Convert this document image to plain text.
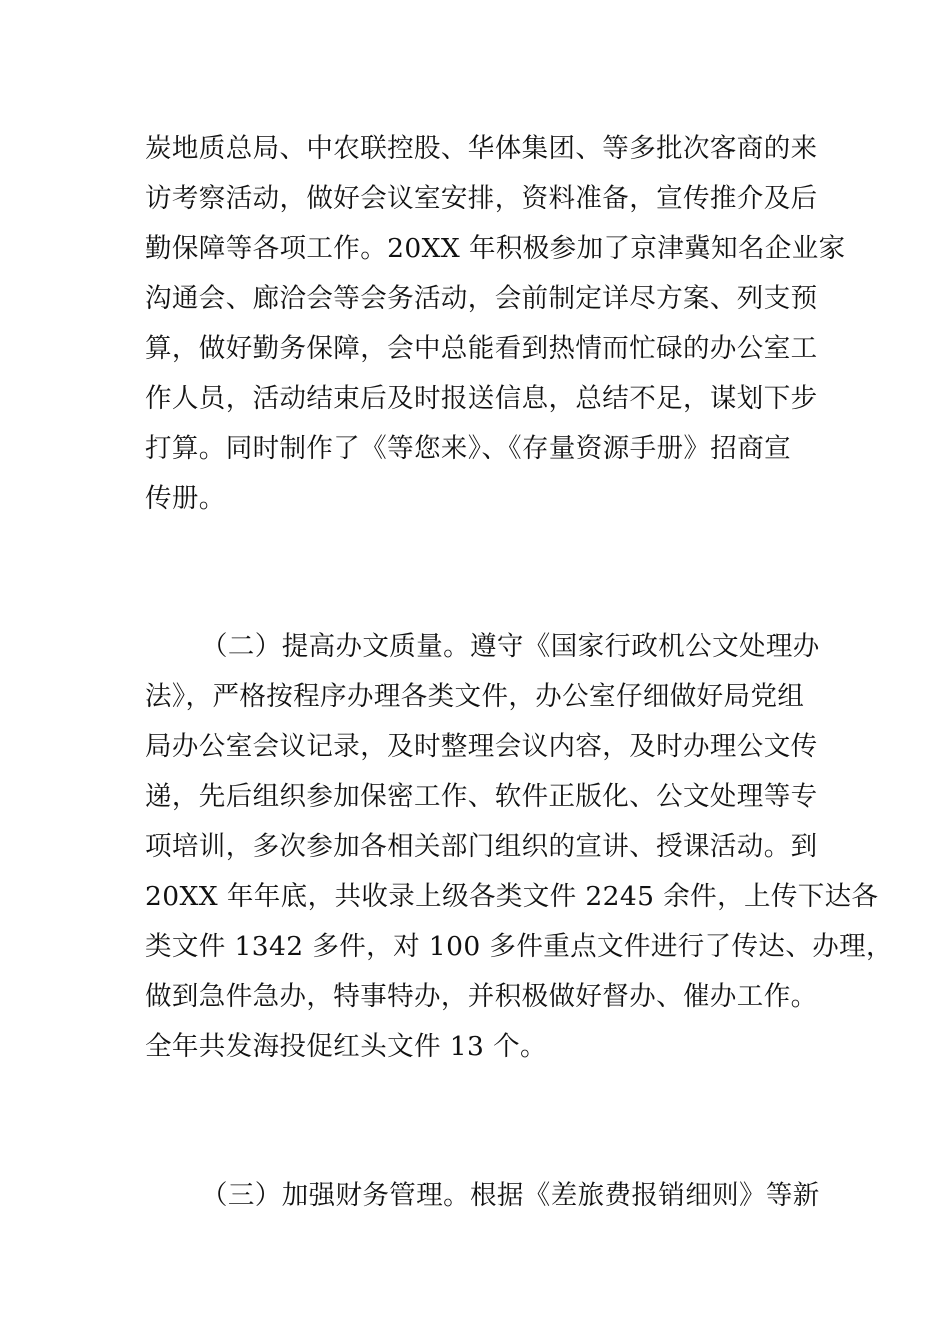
炭地质总局、中农联控股、华体集团、等多批次客商的来
访考察活动，做好会议室安排，资料准备，宣传推介及后
勤保障等各项工作。20XX 年积极参加了京津冀知名企业家
沟通会、廊洽会等会务活动，会前制定详尽方案、列支预
算，做好勤务保障，会中总能看到热情而忙碌的办公室工
作人员，活动结束后及时报送信息，总结不足，谋划下步
打算。同时制作了《等您来》、《存量资源手册》招商宣
传册。
（二）提高办文质量。遵守《国家行政机公文处理办
法》，严格按程序办理各类文件，办公室仔细做好局党组
局办公室会议记录，及时整理会议内容，及时办理公文传
递，先后组织参加保密工作、软件正版化、公文处理等专
项培训，多次参加各相关部门组织的宣讲、授课活动。到
20XX 年年底，共收录上级各类文件 2245 余件，上传下达各
类文件 1342 多件，对 100 多件重点文件进行了传达、办理，
做到急件急办，特事特办，并积极做好督办、催办工作。
全年共发海投促红头文件 13 个。
（三）加强财务管理。根据《差旅费报销细则》等新
